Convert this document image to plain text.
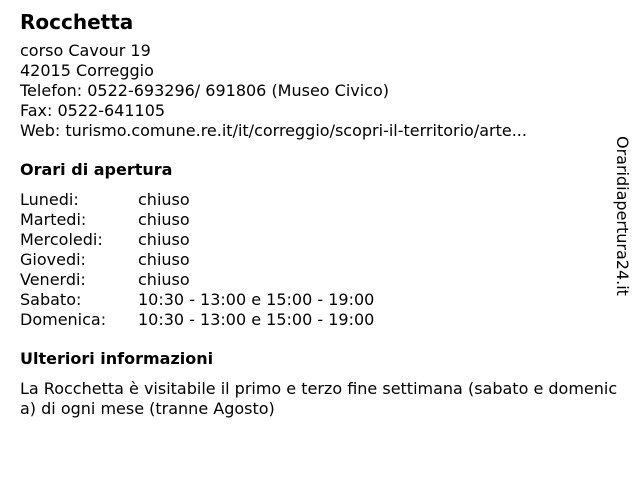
Rocchetta
corso Cavour 19
42015 Correggio
Telefon: 0522-693296/ 691806 (Museo Civico)
Fax: 0522-641105
Web: turismo.comune.re.it/it/correggio/scopri-il-territorio/arte...
Orari di apertura
Lunedi:	chiuso
Martedi:	chiuso
Mercoledi:	chiuso
Giovedi:	chiuso
Venerdi:	chiuso
Sabato:	10:30 - 13:00 e 15:00 - 19:00
Domenica:	10:30 - 13:00 e 15:00 - 19:00
Ulteriori informazioni
La Rocchetta è visitabile il primo e terzo fine settimana (sabato e domenica) di ogni mese (tranne Agosto)
Oraridiapertura24.it
